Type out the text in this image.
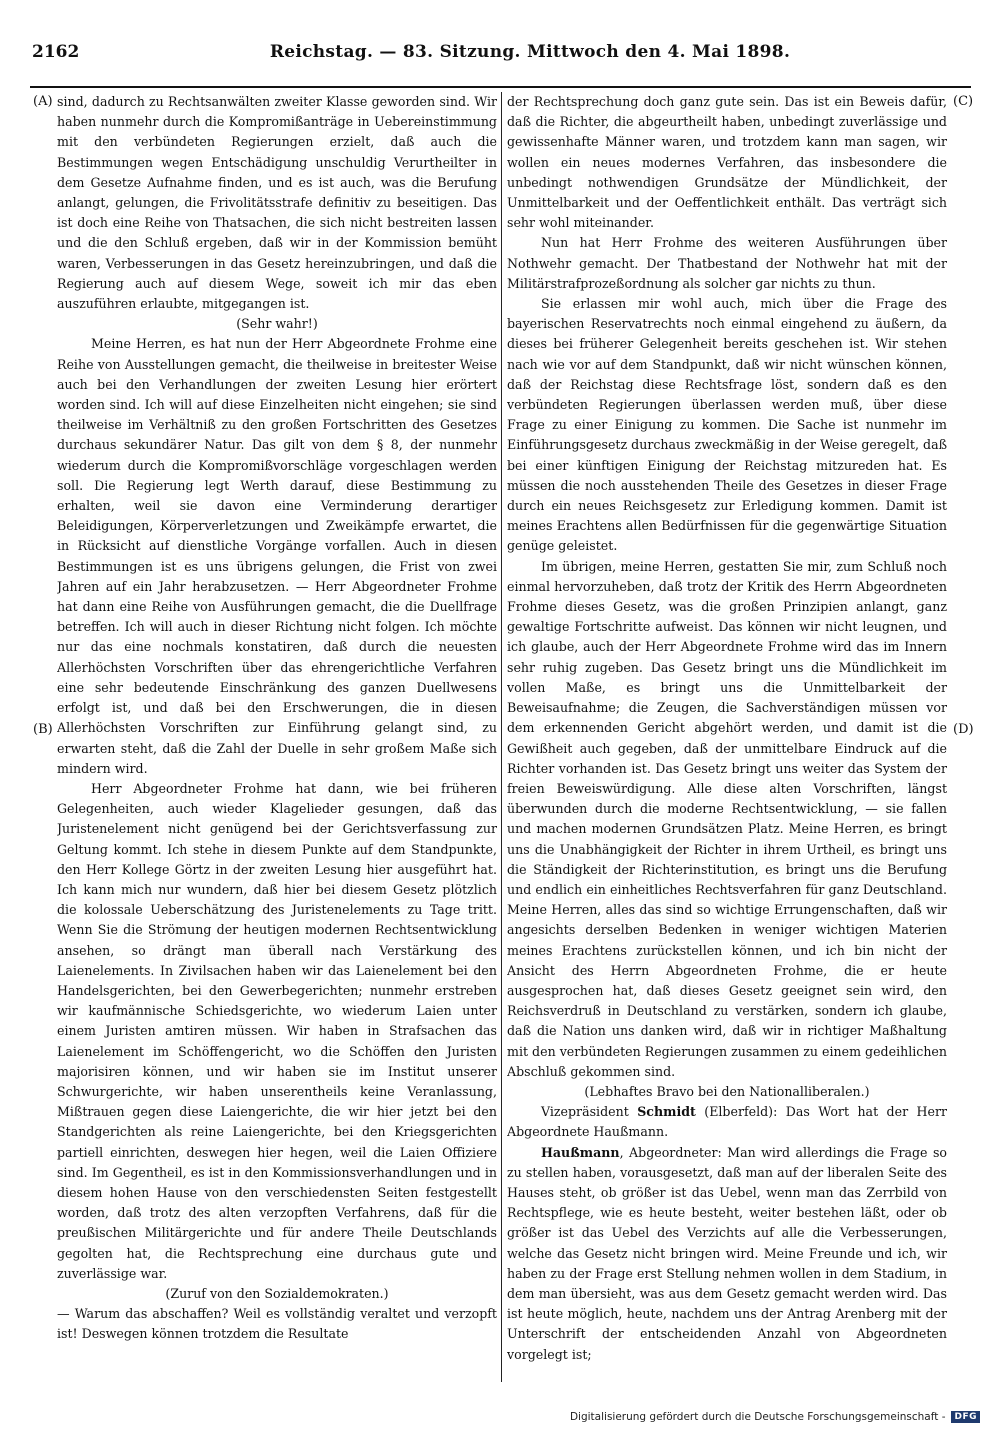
2162	Reichstag. — 83. Sitzung. Mittwoch den 4. Mai 1898.
(A)
(B)
(C)
(D)

sind, dadurch zu Rechtsanwälten zweiter Klasse geworden sind. Wir haben nunmehr durch die Kompromißanträge in Uebereinstimmung mit den verbündeten Regierungen erzielt, daß auch die Bestimmungen wegen Entschädigung unschuldig Verurtheilter in dem Gesetze Aufnahme finden, und es ist auch, was die Berufung anlangt, gelungen, die Frivolitätsstrafe definitiv zu beseitigen. Das ist doch eine Reihe von Thatsachen, die sich nicht bestreiten lassen und die den Schluß ergeben, daß wir in der Kommission bemüht waren, Verbesserungen in das Gesetz hereinzubringen, und daß die Regierung auch auf diesem Wege, soweit ich mir das eben auszuführen erlaubte, mitgegangen ist.

(Sehr wahr!)

Meine Herren, es hat nun der Herr Abgeordnete Frohme eine Reihe von Ausstellungen gemacht, die theilweise in breitester Weise auch bei den Verhandlungen der zweiten Lesung hier erörtert worden sind. Ich will auf diese Einzelheiten nicht eingehen; sie sind theilweise im Verhältniß zu den großen Fortschritten des Gesetzes durchaus sekundärer Natur. Das gilt von dem § 8, der nunmehr wiederum durch die Kompromißvorschläge vorgeschlagen werden soll. Die Regierung legt Werth darauf, diese Bestimmung zu erhalten, weil sie davon eine Verminderung derartiger Beleidigungen, Körperverletzungen und Zweikämpfe erwartet, die in Rücksicht auf dienstliche Vorgänge vorfallen. Auch in diesen Bestimmungen ist es uns übrigens gelungen, die Frist von zwei Jahren auf ein Jahr herabzusetzen. — Herr Abgeordneter Frohme hat dann eine Reihe von Ausführungen gemacht, die die Duellfrage betreffen. Ich will auch in dieser Richtung nicht folgen. Ich möchte nur das eine nochmals konstatiren, daß durch die neuesten Allerhöchsten Vorschriften über das ehrengerichtliche Verfahren eine sehr bedeutende Einschränkung des ganzen Duellwesens erfolgt ist, und daß bei den Erschwerungen, die in diesen Allerhöchsten Vorschriften zur Einführung gelangt sind, zu erwarten steht, daß die Zahl der Duelle in sehr großem Maße sich mindern wird.

Herr Abgeordneter Frohme hat dann, wie bei früheren Gelegenheiten, auch wieder Klagelieder gesungen, daß das Juristenelement nicht genügend bei der Gerichtsverfassung zur Geltung kommt. Ich stehe in diesem Punkte auf dem Standpunkte, den Herr Kollege Görtz in der zweiten Lesung hier ausgeführt hat. Ich kann mich nur wundern, daß hier bei diesem Gesetz plötzlich die kolossale Ueberschätzung des Juristenelements zu Tage tritt. Wenn Sie die Strömung der heutigen modernen Rechtsentwicklung ansehen, so drängt man überall nach Verstärkung des Laienelements. In Zivilsachen haben wir das Laienelement bei den Handelsgerichten, bei den Gewerbegerichten; nunmehr erstreben wir kaufmännische Schiedsgerichte, wo wiederum Laien unter einem Juristen amtiren müssen. Wir haben in Strafsachen das Laienelement im Schöffengericht, wo die Schöffen den Juristen majorisiren können, und wir haben sie im Institut unserer Schwurgerichte, wir haben unserentheils keine Veranlassung, Mißtrauen gegen diese Laiengerichte, die wir hier jetzt bei den Standgerichten als reine Laiengerichte, bei den Kriegsgerichten partiell einrichten, deswegen hier hegen, weil die Laien Offiziere sind. Im Gegentheil, es ist in den Kommissionsverhandlungen und in diesem hohen Hause von den verschiedensten Seiten festgestellt worden, daß trotz des alten verzopften Verfahrens, daß für die preußischen Militärgerichte und für andere Theile Deutschlands gegolten hat, die Rechtsprechung eine durchaus gute und zuverlässige war.

(Zuruf von den Sozialdemokraten.)

— Warum das abschaffen? Weil es vollständig veraltet und verzopft ist! Deswegen können trotzdem die Resultate

der Rechtsprechung doch ganz gute sein. Das ist ein Beweis dafür, daß die Richter, die abgeurtheilt haben, unbedingt zuverlässige und gewissenhafte Männer waren, und trotzdem kann man sagen, wir wollen ein neues modernes Verfahren, das insbesondere die unbedingt nothwendigen Grundsätze der Mündlichkeit, der Unmittelbarkeit und der Oeffentlichkeit enthält. Das verträgt sich sehr wohl miteinander.

Nun hat Herr Frohme des weiteren Ausführungen über Nothwehr gemacht. Der Thatbestand der Nothwehr hat mit der Militärstrafprozeßordnung als solcher gar nichts zu thun.

Sie erlassen mir wohl auch, mich über die Frage des bayerischen Reservatrechts noch einmal eingehend zu äußern, da dieses bei früherer Gelegenheit bereits geschehen ist. Wir stehen nach wie vor auf dem Standpunkt, daß wir nicht wünschen können, daß der Reichstag diese Rechtsfrage löst, sondern daß es den verbündeten Regierungen überlassen werden muß, über diese Frage zu einer Einigung zu kommen. Die Sache ist nunmehr im Einführungsgesetz durchaus zweckmäßig in der Weise geregelt, daß bei einer künftigen Einigung der Reichstag mitzureden hat. Es müssen die noch ausstehenden Theile des Gesetzes in dieser Frage durch ein neues Reichsgesetz zur Erledigung kommen. Damit ist meines Erachtens allen Bedürfnissen für die gegenwärtige Situation genüge geleistet.

Im übrigen, meine Herren, gestatten Sie mir, zum Schluß noch einmal hervorzuheben, daß trotz der Kritik des Herrn Abgeordneten Frohme dieses Gesetz, was die großen Prinzipien anlangt, ganz gewaltige Fortschritte aufweist. Das können wir nicht leugnen, und ich glaube, auch der Herr Abgeordnete Frohme wird das im Innern sehr ruhig zugeben. Das Gesetz bringt uns die Mündlichkeit im vollen Maße, es bringt uns die Unmittelbarkeit der Beweisaufnahme; die Zeugen, die Sachverständigen müssen vor dem erkennenden Gericht abgehört werden, und damit ist die Gewißheit auch gegeben, daß der unmittelbare Eindruck auf die Richter vorhanden ist. Das Gesetz bringt uns weiter das System der freien Beweiswürdigung. Alle diese alten Vorschriften, längst überwunden durch die moderne Rechtsentwicklung, — sie fallen und machen modernen Grundsätzen Platz. Meine Herren, es bringt uns die Unabhängigkeit der Richter in ihrem Urtheil, es bringt uns die Ständigkeit der Richterinstitution, es bringt uns die Berufung und endlich ein einheitliches Rechtsverfahren für ganz Deutschland. Meine Herren, alles das sind so wichtige Errungenschaften, daß wir angesichts derselben Bedenken in weniger wichtigen Materien meines Erachtens zurückstellen können, und ich bin nicht der Ansicht des Herrn Abgeordneten Frohme, die er heute ausgesprochen hat, daß dieses Gesetz geeignet sein wird, den Reichsverdruß in Deutschland zu verstärken, sondern ich glaube, daß die Nation uns danken wird, daß wir in richtiger Maßhaltung mit den verbündeten Regierungen zusammen zu einem gedeihlichen Abschluß gekommen sind.

(Lebhaftes Bravo bei den Nationalliberalen.)

Vizepräsident Schmidt (Elberfeld): Das Wort hat der Herr Abgeordnete Haußmann.

Haußmann, Abgeordneter: Man wird allerdings die Frage so zu stellen haben, vorausgesetzt, daß man auf der liberalen Seite des Hauses steht, ob größer ist das Uebel, wenn man das Zerrbild von Rechtspflege, wie es heute besteht, weiter bestehen läßt, oder ob größer ist das Uebel des Verzichts auf alle die Verbesserungen, welche das Gesetz nicht bringen wird. Meine Freunde und ich, wir haben zu der Frage erst Stellung nehmen wollen in dem Stadium, in dem man übersieht, was aus dem Gesetz gemacht werden wird. Das ist heute möglich, heute, nachdem uns der Antrag Arenberg mit der Unterschrift der entscheidenden Anzahl von Abgeordneten vorgelegt ist;

Digitalisierung gefördert durch die Deutsche Forschungsgemeinschaft -	DFG
